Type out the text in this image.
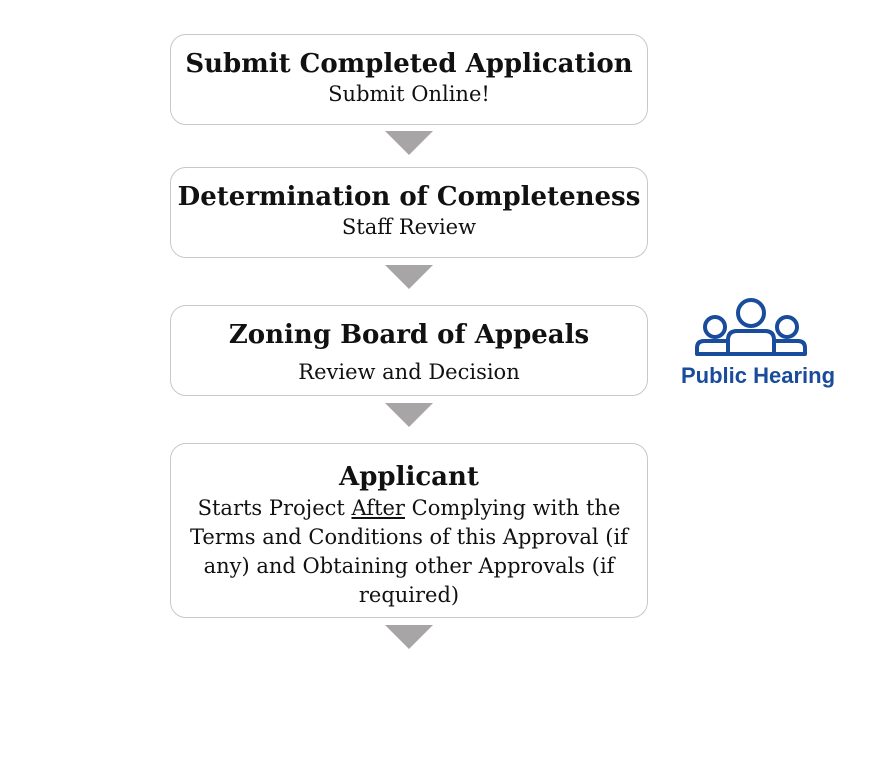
Submit Completed Application
Submit Online!
Determination of Completeness
Staff Review
Zoning Board of Appeals
Review and Decision
Applicant
Starts Project After Complying with the Terms and Conditions of this Approval (if any) and Obtaining other Approvals (if required)
Public Hearing
